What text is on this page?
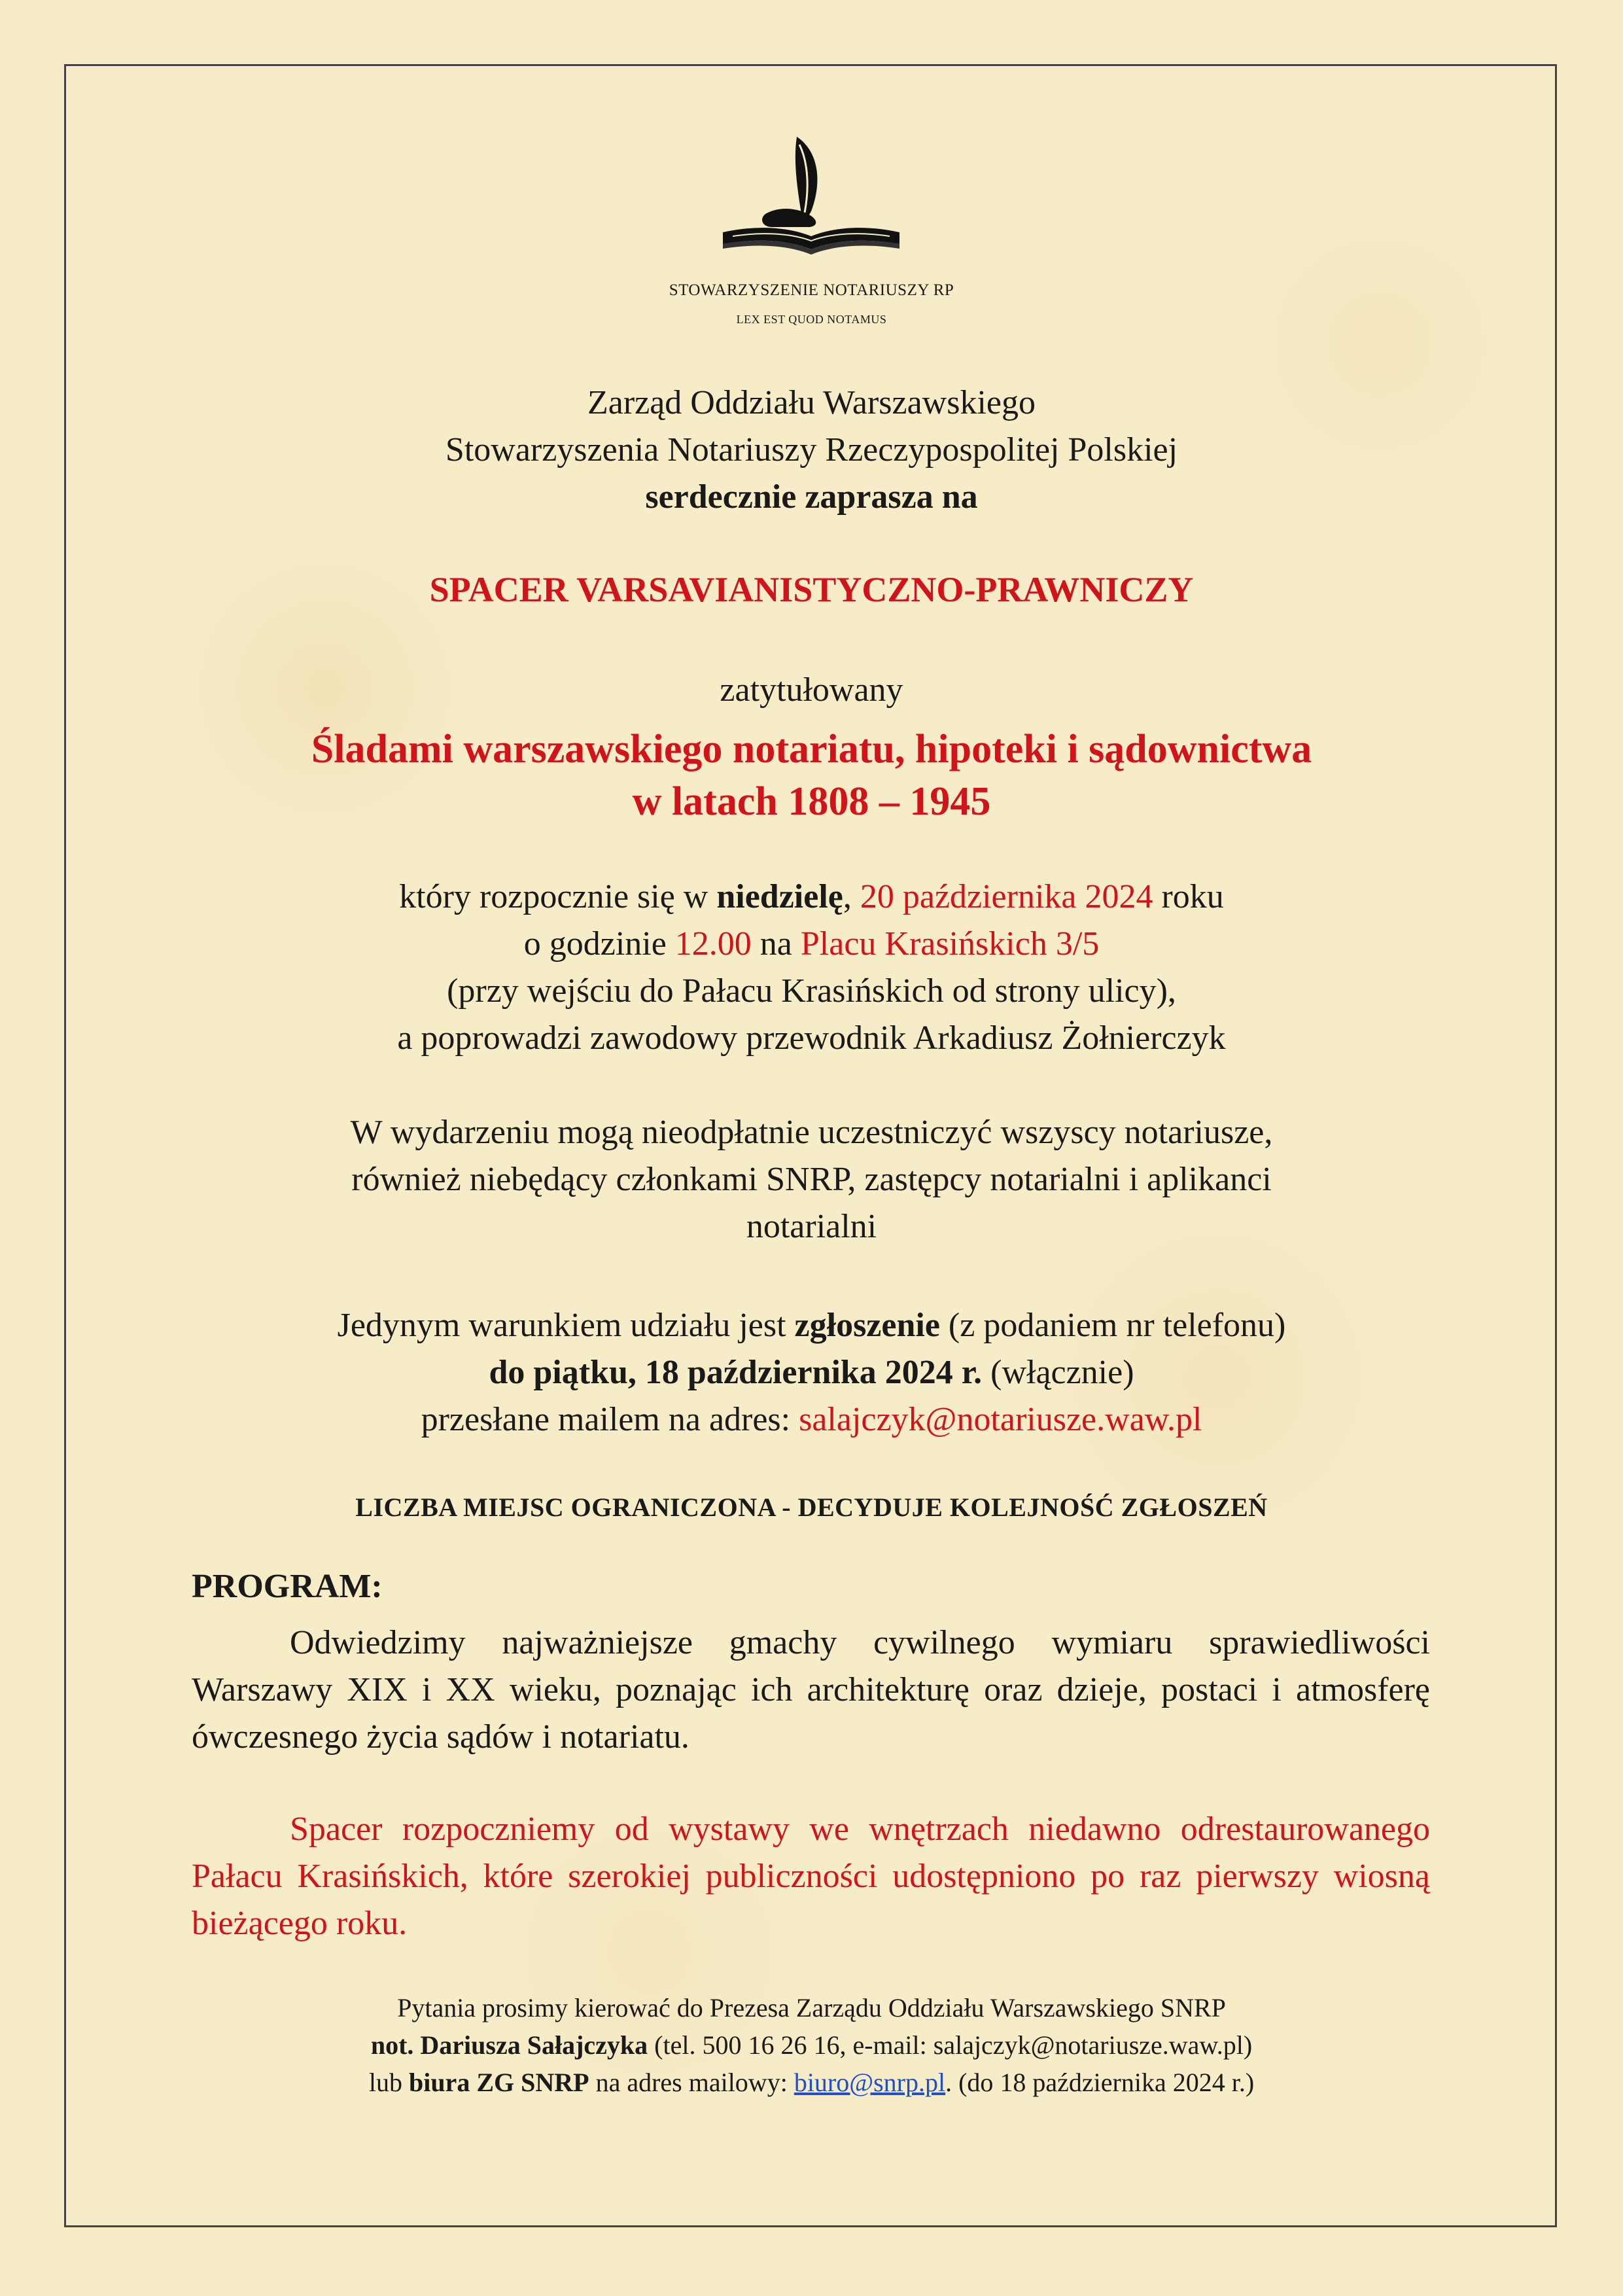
STOWARZYSZENIE NOTARIUSZY RP
LEX EST QUOD NOTAMUS
Zarząd Oddziału Warszawskiego
Stowarzyszenia Notariuszy Rzeczypospolitej Polskiej
serdecznie zaprasza na
SPACER VARSAVIANISTYCZNO-PRAWNICZY
zatytułowany
Śladami warszawskiego notariatu, hipoteki i sądownictwa
w latach 1808 – 1945
który rozpocznie się w niedzielę, 20 października 2024 roku
o godzinie 12.00 na Placu Krasińskich 3/5
(przy wejściu do Pałacu Krasińskich od strony ulicy),
a poprowadzi zawodowy przewodnik Arkadiusz Żołnierczyk
W wydarzeniu mogą nieodpłatnie uczestniczyć wszyscy notariusze,
również niebędący członkami SNRP, zastępcy notarialni i aplikanci
notarialni
Jedynym warunkiem udziału jest zgłoszenie (z podaniem nr telefonu)
do piątku, 18 października 2024 r. (włącznie)
przesłane mailem na adres: salajczyk@notariusze.waw.pl
LICZBA MIEJSC OGRANICZONA - DECYDUJE KOLEJNOŚĆ ZGŁOSZEŃ
PROGRAM:
Odwiedzimy najważniejsze gmachy cywilnego wymiaru sprawiedliwości Warszawy XIX i XX wieku, poznając ich architekturę oraz dzieje, postaci i atmosferę ówczesnego życia sądów i notariatu.
Spacer rozpoczniemy od wystawy we wnętrzach niedawno odrestaurowanego Pałacu Krasińskich, które szerokiej publiczności udostępniono po raz pierwszy wiosną bieżącego roku.
Pytania prosimy kierować do Prezesa Zarządu Oddziału Warszawskiego SNRP
not. Dariusza Sałajczyka (tel. 500 16 26 16, e-mail: salajczyk@notariusze.waw.pl)
lub biura ZG SNRP na adres mailowy: biuro@snrp.pl. (do 18 października 2024 r.)
